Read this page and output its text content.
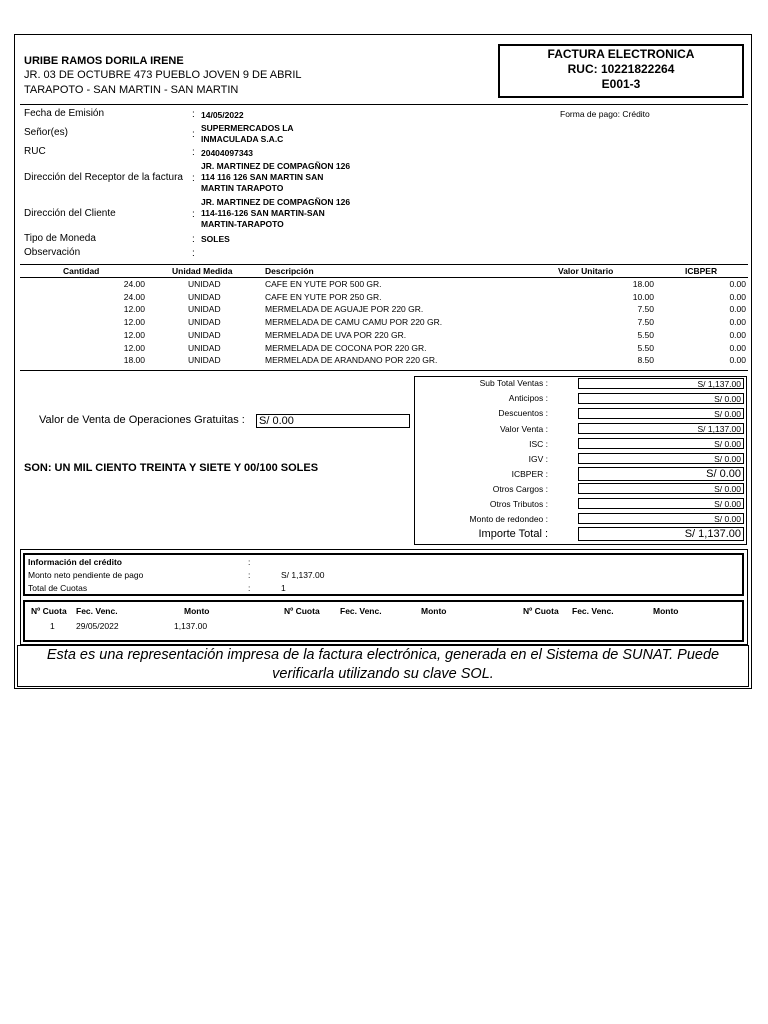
URIBE RAMOS DORILA IRENE
JR. 03 DE OCTUBRE 473 PUEBLO JOVEN 9 DE ABRIL
TARAPOTO - SAN MARTIN - SAN MARTIN
FACTURA ELECTRONICA
RUC: 10221822264
E001-3
Fecha de Emisión	: 14/05/2022	Forma de pago: Crédito
Señor(es)	:
SUPERMERCADOS LA
INMACULADA S.A.C
RUC	: 20404097343
Dirección del Receptor de la factura :
JR. MARTINEZ DE COMPAGÑON 126
114 116 126 SAN MARTIN SAN
MARTIN TARAPOTO
Dirección del Cliente	:
JR. MARTINEZ DE COMPAGÑON 126
114-116-126 SAN MARTIN-SAN
MARTIN-TARAPOTO
Tipo de Moneda	: SOLES
Observación	:
Cantidad	Unidad Medida	Descripción	Valor Unitario	ICBPER
24.00	UNIDAD	CAFE EN YUTE POR 500 GR.	18.00	0.00
24.00	UNIDAD	CAFE EN YUTE POR 250 GR.	10.00	0.00
12.00	UNIDAD	MERMELADA DE AGUAJE POR 220 GR.	7.50	0.00
12.00	UNIDAD	MERMELADA DE CAMU CAMU POR 220 GR.	7.50	0.00
12.00	UNIDAD	MERMELADA DE UVA POR 220 GR.	5.50	0.00
12.00	UNIDAD	MERMELADA DE COCONA POR 220 GR.	5.50	0.00
18.00	UNIDAD	MERMELADA DE ARANDANO POR 220 GR.	8.50	0.00
Valor de Venta de Operaciones Gratuitas : S/ 0.00
SON: UN MIL CIENTO TREINTA Y SIETE Y 00/100 SOLES
Sub Total Ventas :	S/ 1,137.00
Anticipos :	S/ 0.00
Descuentos :	S/ 0.00
Valor Venta :	S/ 1,137.00
ISC :	S/ 0.00
IGV :	S/ 0.00
ICBPER :	S/ 0.00
Otros Cargos :	S/ 0.00
Otros Tributos :	S/ 0.00
Monto de redondeo :	S/ 0.00
Importe Total :	S/ 1,137.00
Información del crédito	:
Monto neto pendiente de pago	:	S/ 1,137.00
Total de Cuotas	:	1
Nº Cuota Fec. Venc.	Monto	Nº Cuota Fec. Venc.	Monto	Nº Cuota Fec. Venc.	Monto
1	29/05/2022	1,137.00
Esta es una representación impresa de la factura electrónica, generada en el Sistema de SUNAT. Puede
verificarla utilizando su clave SOL.
